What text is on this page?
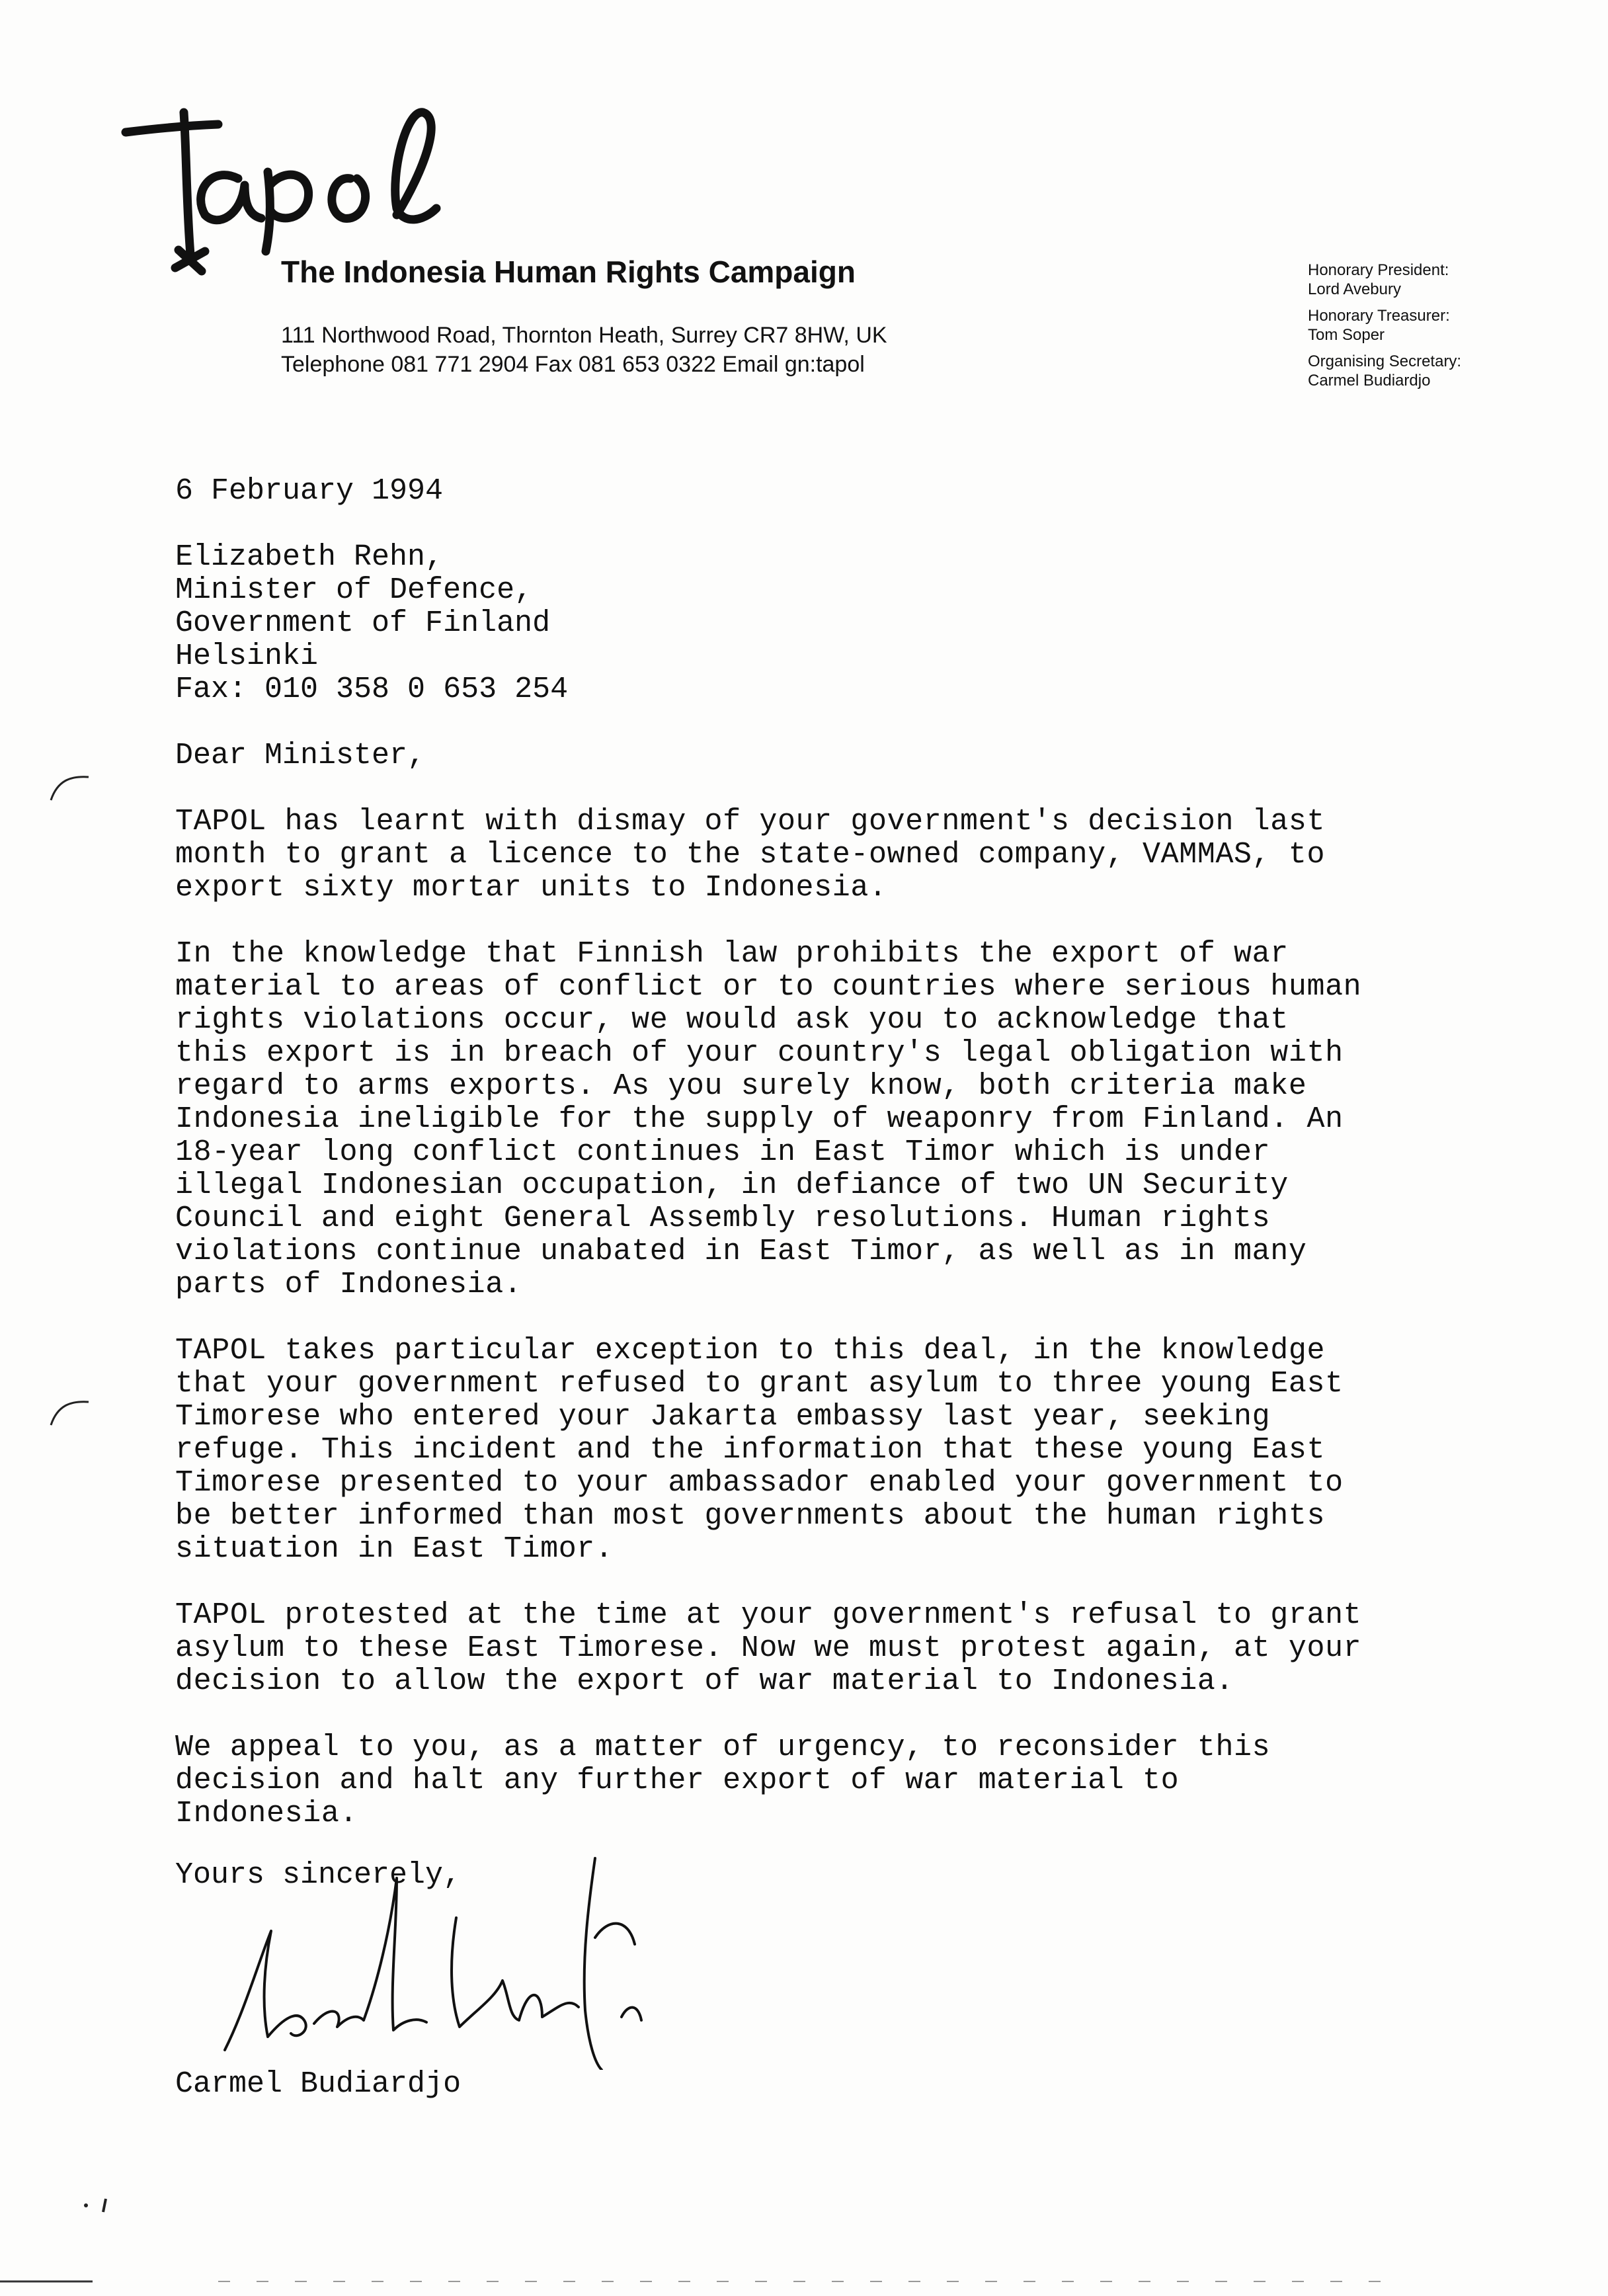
The Indonesia Human Rights Campaign
111 Northwood Road, Thornton Heath, Surrey CR7 8HW, UK
Telephone 081 771 2904 Fax 081 653 0322 Email gn:tapol
Honorary President:
Lord Avebury
Honorary Treasurer:
Tom Soper
Organising Secretary:
Carmel Budiardjo
6 February 1994
Elizabeth Rehn,
Minister of Defence,
Government of Finland
Helsinki
Fax: 010 358 0 653 254
Dear Minister,
TAPOL has learnt with dismay of your government's decision last
month to grant a licence to the state-owned company, VAMMAS, to
export sixty mortar units to Indonesia.
In the knowledge that Finnish law prohibits the export of war
material to areas of conflict or to countries where serious human
rights violations occur, we would ask you to acknowledge that
this export is in breach of your country's legal obligation with
regard to arms exports. As you surely know, both criteria make
Indonesia ineligible for the supply of weaponry from Finland. An
18-year long conflict continues in East Timor which is under
illegal Indonesian occupation, in defiance of two UN Security
Council and eight General Assembly resolutions. Human rights
violations continue unabated in East Timor, as well as in many
parts of Indonesia.
TAPOL takes particular exception to this deal, in the knowledge
that your government refused to grant asylum to three young East
Timorese who entered your Jakarta embassy last year, seeking
refuge. This incident and the information that these young East
Timorese presented to your ambassador enabled your government to
be better informed than most governments about the human rights
situation in East Timor.
TAPOL protested at the time at your government's refusal to grant
asylum to these East Timorese. Now we must protest again, at your
decision to allow the export of war material to Indonesia.
We appeal to you, as a matter of urgency, to reconsider this
decision and halt any further export of war material to
Indonesia.
Yours sincerely,
Carmel Budiardjo
